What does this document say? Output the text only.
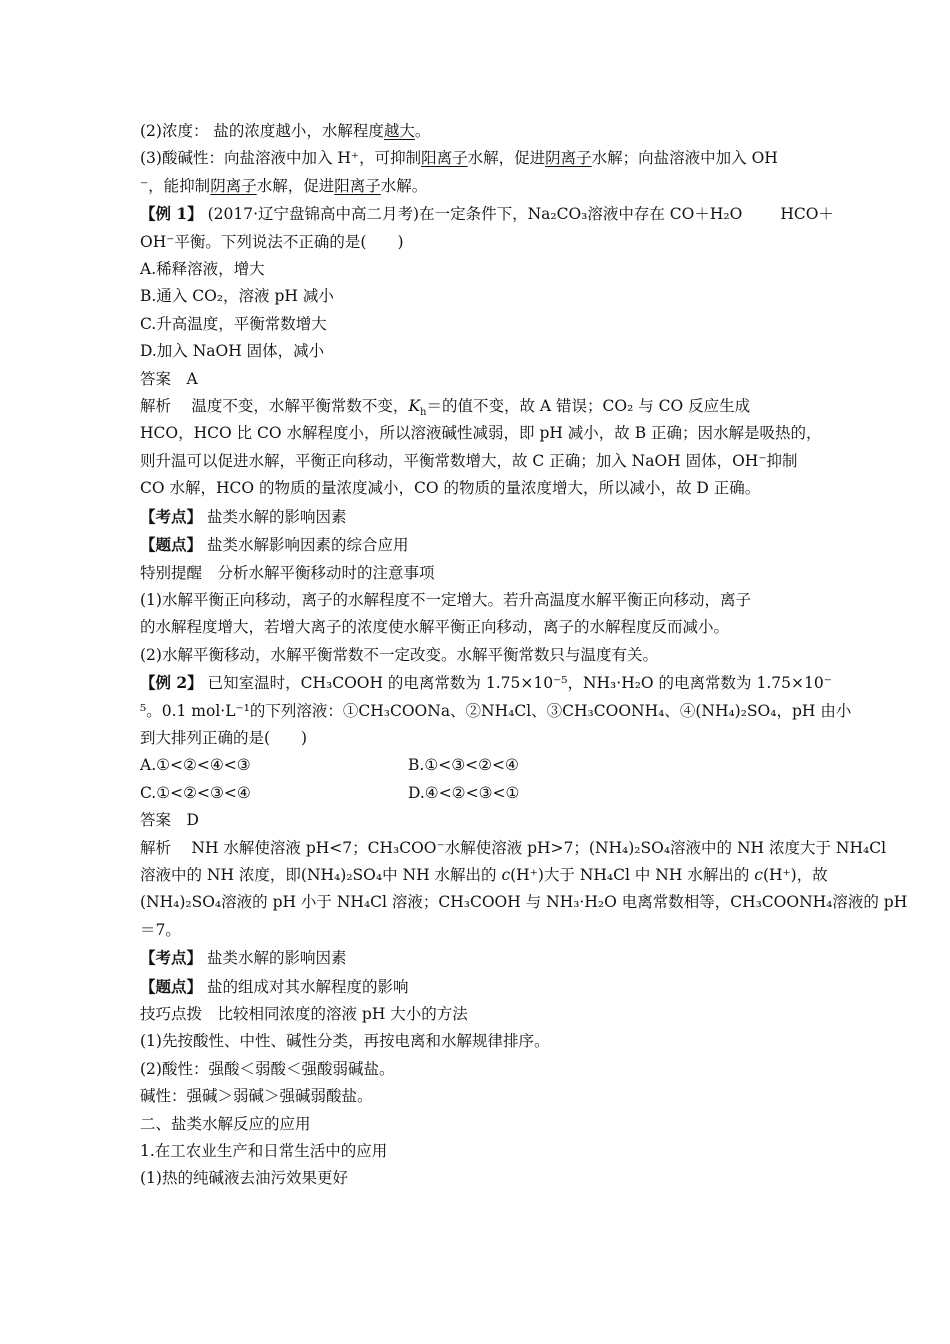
(2)浓度： 盐的浓度越小，水解程度越大。
(3)酸碱性：向盐溶液中加入 H⁺，可抑制阳离子水解，促进阴离子水解；向盐溶液中加入 OH
⁻，能抑制阴离子水解，促进阳离子水解。
【例 1】 (2017·辽宁盘锦高中高二月考)在一定条件下，Na₂CO₃溶液中存在 CO＋H₂O HCO＋
OH⁻平衡。下列说法不正确的是(　　)
A.稀释溶液，增大
B.通入 CO₂，溶液 pH 减小
C.升高温度，平衡常数增大
D.加入 NaOH 固体，减小
答案　A
解析　 温度不变，水解平衡常数不变，$K_h=$的值不变，故 A 错误；CO₂ 与 CO 反应生成
HCO，HCO 比 CO 水解程度小，所以溶液碱性减弱，即 pH 减小，故 B 正确；因水解是吸热的，
则升温可以促进水解，平衡正向移动，平衡常数增大，故 C 正确；加入 NaOH 固体，OH⁻抑制
CO 水解，HCO 的物质的量浓度减小，CO 的物质的量浓度增大，所以减小，故 D 正确。
【考点】 盐类水解的影响因素
【题点】 盐类水解影响因素的综合应用
特别提醒　分析水解平衡移动时的注意事项
(1)水解平衡正向移动，离子的水解程度不一定增大。若升高温度水解平衡正向移动，离子
的水解程度增大，若增大离子的浓度使水解平衡正向移动，离子的水解程度反而减小。
(2)水解平衡移动，水解平衡常数不一定改变。水解平衡常数只与温度有关。
【例 2】 已知室温时，CH₃COOH 的电离常数为 1.75×10⁻⁵，NH₃·H₂O 的电离常数为 1.75×10⁻
⁵。0.1 mol·L⁻¹的下列溶液：①CH₃COONa、②NH₄Cl、③CH₃COONH₄、④(NH₄)₂SO₄，pH 由小
到大排列正确的是(　　)
A.①<②<④<③	B.①<③<②<④
C.①<②<③<④	D.④<②<③<①
答案　D
解析　 NH 水解使溶液 pH<7；CH₃COO⁻水解使溶液 pH>7；(NH₄)₂SO₄溶液中的 NH 浓度大于 NH₄Cl
溶液中的 NH 浓度，即(NH₄)₂SO₄中 NH 水解出的 c(H⁺)大于 NH₄Cl 中 NH 水解出的 c(H⁺)，故
(NH₄)₂SO₄溶液的 pH 小于 NH₄Cl 溶液；CH₃COOH 与 NH₃·H₂O 电离常数相等，CH₃COONH₄溶液的 pH
＝7。
【考点】 盐类水解的影响因素
【题点】 盐的组成对其水解程度的影响
技巧点拨　比较相同浓度的溶液 pH 大小的方法
(1)先按酸性、中性、碱性分类，再按电离和水解规律排序。
(2)酸性：强酸＜弱酸＜强酸弱碱盐。
碱性：强碱＞弱碱＞强碱弱酸盐。
二、盐类水解反应的应用
1.在工农业生产和日常生活中的应用
(1)热的纯碱液去油污效果更好
